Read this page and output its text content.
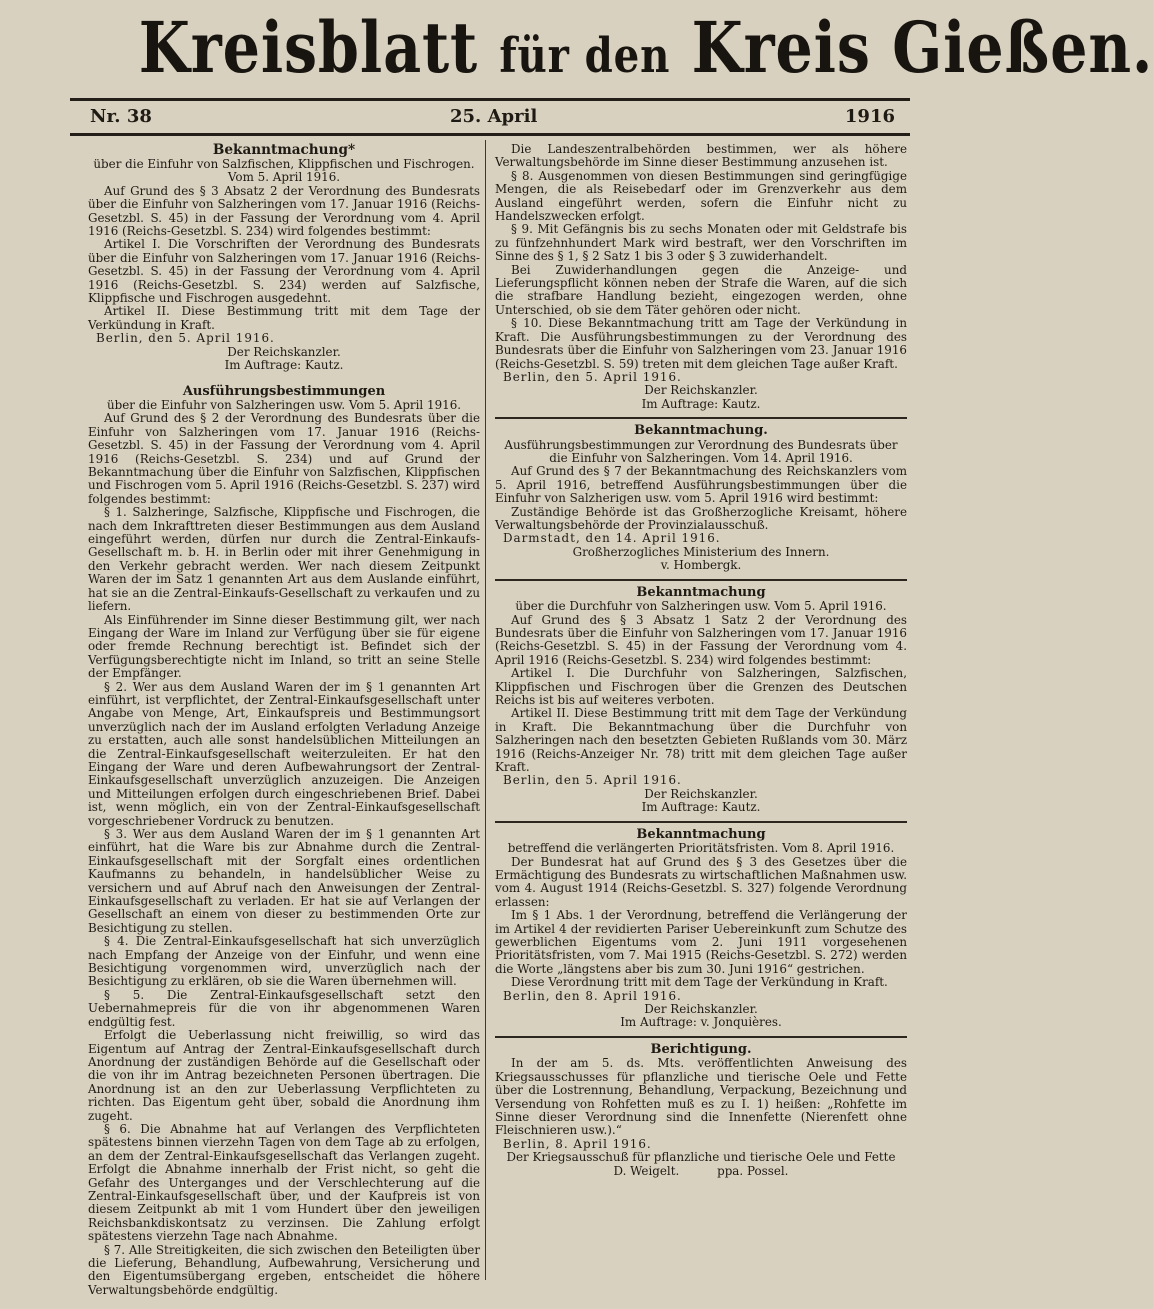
Kreisblatt für den Kreis Gießen.
Nr. 38	25. April	1916

Bekanntmachung*

über die Einfuhr von Salzfischen, Klippfischen und Fischrogen. Vom 5. April 1916.

Auf Grund des § 3 Absatz 2 der Verordnung des Bundesrats über die Einfuhr von Salzheringen vom 17. Januar 1916 (Reichs-Gesetzbl. S. 45) in der Fassung der Verordnung vom 4. April 1916 (Reichs-Gesetzbl. S. 234) wird folgendes bestimmt:

Artikel I. Die Vorschriften der Verordnung des Bundesrats über die Einfuhr von Salzheringen vom 17. Januar 1916 (Reichs-Gesetzbl. S. 45) in der Fassung der Verordnung vom 4. April 1916 (Reichs-Gesetzbl. S. 234) werden auf Salzfische, Klippfische und Fischrogen ausgedehnt.

Artikel II. Diese Bestimmung tritt mit dem Tage der Verkündung in Kraft.

Berlin, den 5. April 1916.

Der Reichskanzler.

Im Auftrage: Kautz.

Ausführungsbestimmungen

über die Einfuhr von Salzheringen usw. Vom 5. April 1916.

Auf Grund des § 2 der Verordnung des Bundesrats über die Einfuhr von Salzheringen vom 17. Januar 1916 (Reichs-Gesetzbl. S. 45) in der Fassung der Verordnung vom 4. April 1916 (Reichs-Gesetzbl. S. 234) und auf Grund der Bekanntmachung über die Einfuhr von Salzfischen, Klippfischen und Fischrogen vom 5. April 1916 (Reichs-Gesetzbl. S. 237) wird folgendes bestimmt:

§ 1. Salzheringe, Salzfische, Klippfische und Fischrogen, die nach dem Inkrafttreten dieser Bestimmungen aus dem Ausland eingeführt werden, dürfen nur durch die Zentral-Einkaufs-Gesellschaft m. b. H. in Berlin oder mit ihrer Genehmigung in den Verkehr gebracht werden. Wer nach diesem Zeitpunkt Waren der im Satz 1 genannten Art aus dem Auslande einführt, hat sie an die Zentral-Einkaufs-Gesellschaft zu verkaufen und zu liefern.

Als Einführender im Sinne dieser Bestimmung gilt, wer nach Eingang der Ware im Inland zur Verfügung über sie für eigene oder fremde Rechnung berechtigt ist. Befindet sich der Verfügungsberechtigte nicht im Inland, so tritt an seine Stelle der Empfänger.

§ 2. Wer aus dem Ausland Waren der im § 1 genannten Art einführt, ist verpflichtet, der Zentral-Einkaufsgesellschaft unter Angabe von Menge, Art, Einkaufspreis und Bestimmungsort unverzüglich nach der im Ausland erfolgten Verladung Anzeige zu erstatten, auch alle sonst handelsüblichen Mitteilungen an die Zentral-Einkaufsgesellschaft weiterzuleiten. Er hat den Eingang der Ware und deren Aufbewahrungsort der Zentral-Einkaufsgesellschaft unverzüglich anzuzeigen. Die Anzeigen und Mitteilungen erfolgen durch eingeschriebenen Brief. Dabei ist, wenn möglich, ein von der Zentral-Einkaufsgesellschaft vorgeschriebener Vordruck zu benutzen.

§ 3. Wer aus dem Ausland Waren der im § 1 genannten Art einführt, hat die Ware bis zur Abnahme durch die Zentral-Einkaufsgesellschaft mit der Sorgfalt eines ordentlichen Kaufmanns zu behandeln, in handelsüblicher Weise zu versichern und auf Abruf nach den Anweisungen der Zentral-Einkaufsgesellschaft zu verladen. Er hat sie auf Verlangen der Gesellschaft an einem von dieser zu bestimmenden Orte zur Besichtigung zu stellen.

§ 4. Die Zentral-Einkaufsgesellschaft hat sich unverzüglich nach Empfang der Anzeige von der Einfuhr, und wenn eine Besichtigung vorgenommen wird, unverzüglich nach der Besichtigung zu erklären, ob sie die Waren übernehmen will.

§ 5. Die Zentral-Einkaufsgesellschaft setzt den Uebernahmepreis für die von ihr abgenommenen Waren endgültig fest.

Erfolgt die Ueberlassung nicht freiwillig, so wird das Eigentum auf Antrag der Zentral-Einkaufsgesellschaft durch Anordnung der zuständigen Behörde auf die Gesellschaft oder die von ihr im Antrag bezeichneten Personen übertragen. Die Anordnung ist an den zur Ueberlassung Verpflichteten zu richten. Das Eigentum geht über, sobald die Anordnung ihm zugeht.

§ 6. Die Abnahme hat auf Verlangen des Verpflichteten spätestens binnen vierzehn Tagen von dem Tage ab zu erfolgen, an dem der Zentral-Einkaufsgesellschaft das Verlangen zugeht. Erfolgt die Abnahme innerhalb der Frist nicht, so geht die Gefahr des Unterganges und der Verschlechterung auf die Zentral-Einkaufsgesellschaft über, und der Kaufpreis ist von diesem Zeitpunkt ab mit 1 vom Hundert über den jeweiligen Reichsbankdiskontsatz zu verzinsen. Die Zahlung erfolgt spätestens vierzehn Tage nach Abnahme.

§ 7. Alle Streitigkeiten, die sich zwischen den Beteiligten über die Lieferung, Behandlung, Aufbewahrung, Versicherung und den Eigentumsübergang ergeben, entscheidet die höhere Verwaltungsbehörde endgültig.

Die Landeszentralbehörden bestimmen, wer als höhere Verwaltungsbehörde im Sinne dieser Bestimmung anzusehen ist.

§ 8. Ausgenommen von diesen Bestimmungen sind geringfügige Mengen, die als Reisebedarf oder im Grenzverkehr aus dem Ausland eingeführt werden, sofern die Einfuhr nicht zu Handelszwecken erfolgt.

§ 9. Mit Gefängnis bis zu sechs Monaten oder mit Geldstrafe bis zu fünfzehnhundert Mark wird bestraft, wer den Vorschriften im Sinne des § 1, § 2 Satz 1 bis 3 oder § 3 zuwiderhandelt.

Bei Zuwiderhandlungen gegen die Anzeige- und Lieferungspflicht können neben der Strafe die Waren, auf die sich die strafbare Handlung bezieht, eingezogen werden, ohne Unterschied, ob sie dem Täter gehören oder nicht.

§ 10. Diese Bekanntmachung tritt am Tage der Verkündung in Kraft. Die Ausführungsbestimmungen zu der Verordnung des Bundesrats über die Einfuhr von Salzheringen vom 23. Januar 1916 (Reichs-Gesetzbl. S. 59) treten mit dem gleichen Tage außer Kraft.

Berlin, den 5. April 1916.

Der Reichskanzler.

Im Auftrage: Kautz.

Bekanntmachung.

Ausführungsbestimmungen zur Verordnung des Bundesrats über die Einfuhr von Salzheringen. Vom 14. April 1916.

Auf Grund des § 7 der Bekanntmachung des Reichskanzlers vom 5. April 1916, betreffend Ausführungsbestimmungen über die Einfuhr von Salzherigen usw. vom 5. April 1916 wird bestimmt:

Zuständige Behörde ist das Großherzogliche Kreisamt, höhere Verwaltungsbehörde der Provinzialausschuß.

Darmstadt, den 14. April 1916.

Großherzogliches Ministerium des Innern.

v. Hombergk.

Bekanntmachung

über die Durchfuhr von Salzheringen usw. Vom 5. April 1916.

Auf Grund des § 3 Absatz 1 Satz 2 der Verordnung des Bundesrats über die Einfuhr von Salzheringen vom 17. Januar 1916 (Reichs-Gesetzbl. S. 45) in der Fassung der Verordnung vom 4. April 1916 (Reichs-Gesetzbl. S. 234) wird folgendes bestimmt:

Artikel I. Die Durchfuhr von Salzheringen, Salzfischen, Klippfischen und Fischrogen über die Grenzen des Deutschen Reichs ist bis auf weiteres verboten.

Artikel II. Diese Bestimmung tritt mit dem Tage der Verkündung in Kraft. Die Bekanntmachung über die Durchfuhr von Salzheringen nach den besetzten Gebieten Rußlands vom 30. März 1916 (Reichs-Anzeiger Nr. 78) tritt mit dem gleichen Tage außer Kraft.

Berlin, den 5. April 1916.

Der Reichskanzler.

Im Auftrage: Kautz.

Bekanntmachung

betreffend die verlängerten Prioritätsfristen. Vom 8. April 1916.

Der Bundesrat hat auf Grund des § 3 des Gesetzes über die Ermächtigung des Bundesrats zu wirtschaftlichen Maßnahmen usw. vom 4. August 1914 (Reichs-Gesetzbl. S. 327) folgende Verordnung erlassen:

Im § 1 Abs. 1 der Verordnung, betreffend die Verlängerung der im Artikel 4 der revidierten Pariser Uebereinkunft zum Schutze des gewerblichen Eigentums vom 2. Juni 1911 vorgesehenen Prioritätsfristen, vom 7. Mai 1915 (Reichs-Gesetzbl. S. 272) werden die Worte „längstens aber bis zum 30. Juni 1916“ gestrichen.

Diese Verordnung tritt mit dem Tage der Verkündung in Kraft.

Berlin, den 8. April 1916.

Der Reichskanzler.

Im Auftrage: v. Jonquières.

Berichtigung.

In der am 5. ds. Mts. veröffentlichten Anweisung des Kriegsausschusses für pflanzliche und tierische Oele und Fette über die Lostrennung, Behandlung, Verpackung, Bezeichnung und Versendung von Rohfetten muß es zu I. 1) heißen: „Rohfette im Sinne dieser Verordnung sind die Innenfette (Nierenfett ohne Fleischnieren usw.).“

Berlin, 8. April 1916.

Der Kriegsausschuß für pflanzliche und tierische Oele und Fette

D. Weigelt.          ppa. Possel.
